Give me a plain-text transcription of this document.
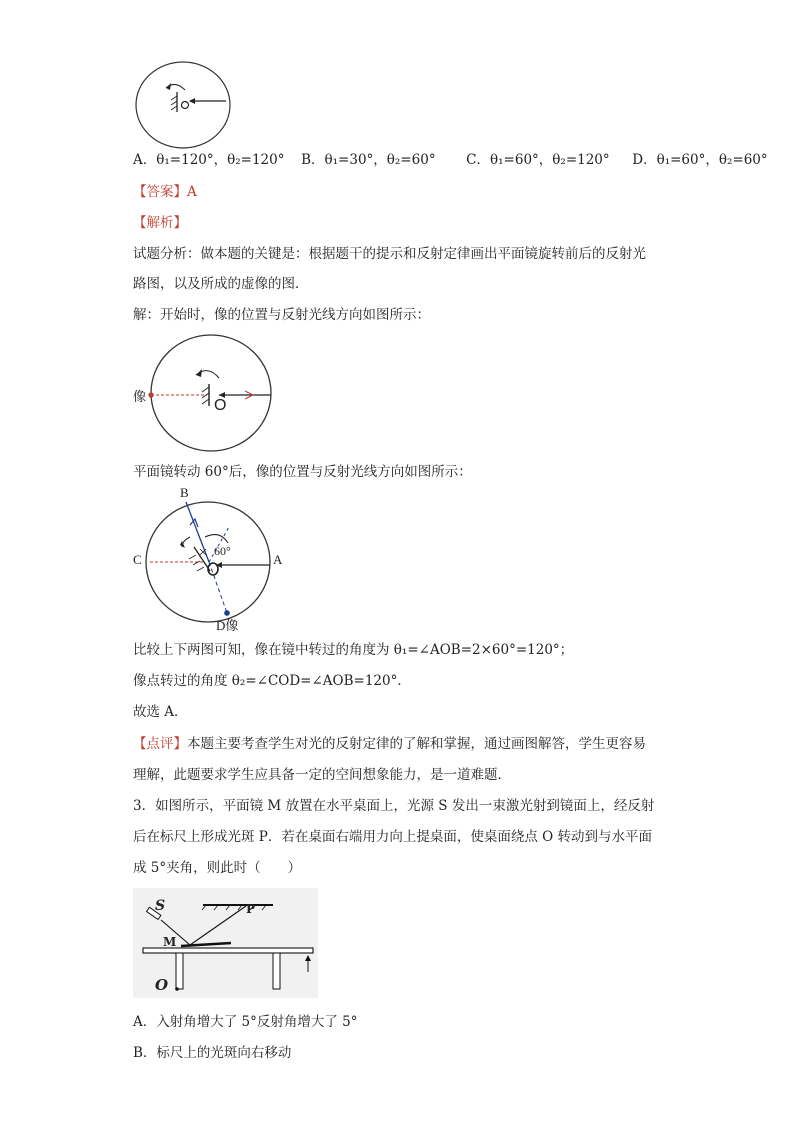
A．θ₁=120°，θ₂=120° B．θ₁=30°，θ₂=60° C．θ₁=60°，θ₂=120° D．θ₁=60°，θ₂=60°
【答案】A
【解析】
试题分析：做本题的关键是：根据题干的提示和反射定律画出平面镜旋转前后的反射光
路图，以及所成的虚像的图．
解：开始时，像的位置与反射光线方向如图所示：
O
像
平面镜转动 60°后，像的位置与反射光线方向如图所示：
60°
B
C	A
D像
比较上下两图可知，像在镜中转过的角度为 θ₁=∠AOB=2×60°=120°；
像点转过的角度 θ₂=∠COD=∠AOB=120°．
故选 A．
【点评】本题主要考查学生对光的反射定律的了解和掌握，通过画图解答，学生更容易
理解，此题要求学生应具备一定的空间想象能力，是一道难题．
3．如图所示，平面镜 M 放置在水平桌面上，光源 S 发出一束激光射到镜面上，经反射
后在标尺上形成光斑 P．若在桌面右端用力向上提桌面，使桌面绕点 O 转动到与水平面
成 5°夹角，则此时（　　）
S	P
M
O
A．入射角增大了 5°反射角增大了 5°
B．标尺上的光斑向右移动
